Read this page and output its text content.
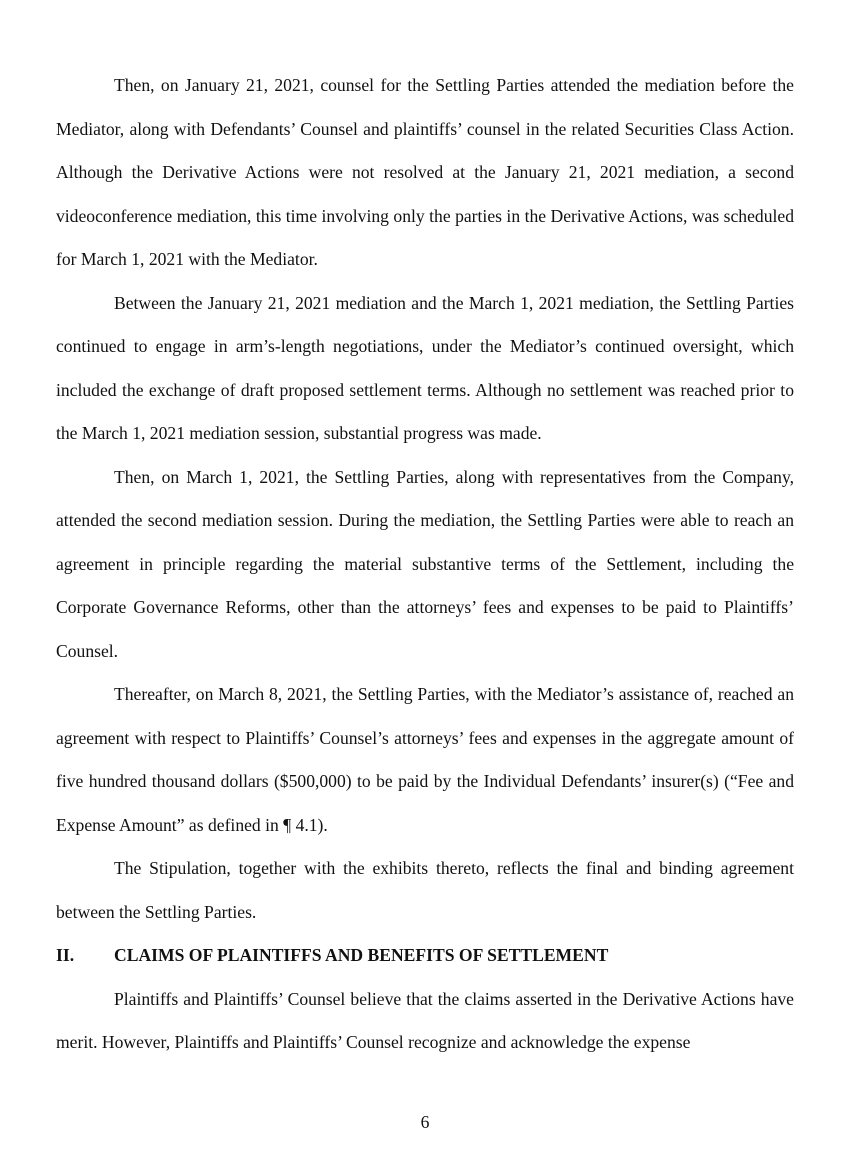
Then, on January 21, 2021, counsel for the Settling Parties attended the mediation before the Mediator, along with Defendants’ Counsel and plaintiffs’ counsel in the related Securities Class Action. Although the Derivative Actions were not resolved at the January 21, 2021 mediation, a second videoconference mediation, this time involving only the parties in the Derivative Actions, was scheduled for March 1, 2021 with the Mediator.

Between the January 21, 2021 mediation and the March 1, 2021 mediation, the Settling Parties continued to engage in arm’s-length negotiations, under the Mediator’s continued oversight, which included the exchange of draft proposed settlement terms. Although no settlement was reached prior to the March 1, 2021 mediation session, substantial progress was made.

Then, on March 1, 2021, the Settling Parties, along with representatives from the Company, attended the second mediation session. During the mediation, the Settling Parties were able to reach an agreement in principle regarding the material substantive terms of the Settlement, including the Corporate Governance Reforms, other than the attorneys’ fees and expenses to be paid to Plaintiffs’ Counsel.

Thereafter, on March 8, 2021, the Settling Parties, with the Mediator’s assistance of, reached an agreement with respect to Plaintiffs’ Counsel’s attorneys’ fees and expenses in the aggregate amount of five hundred thousand dollars ($500,000) to be paid by the Individual Defendants’ insurer(s) (“Fee and Expense Amount” as defined in ¶ 4.1).

The Stipulation, together with the exhibits thereto, reflects the final and binding agreement between the Settling Parties.

II.	CLAIMS OF PLAINTIFFS AND BENEFITS OF SETTLEMENT

Plaintiffs and Plaintiffs’ Counsel believe that the claims asserted in the Derivative Actions have merit. However, Plaintiffs and Plaintiffs’ Counsel recognize and acknowledge the expense

6
